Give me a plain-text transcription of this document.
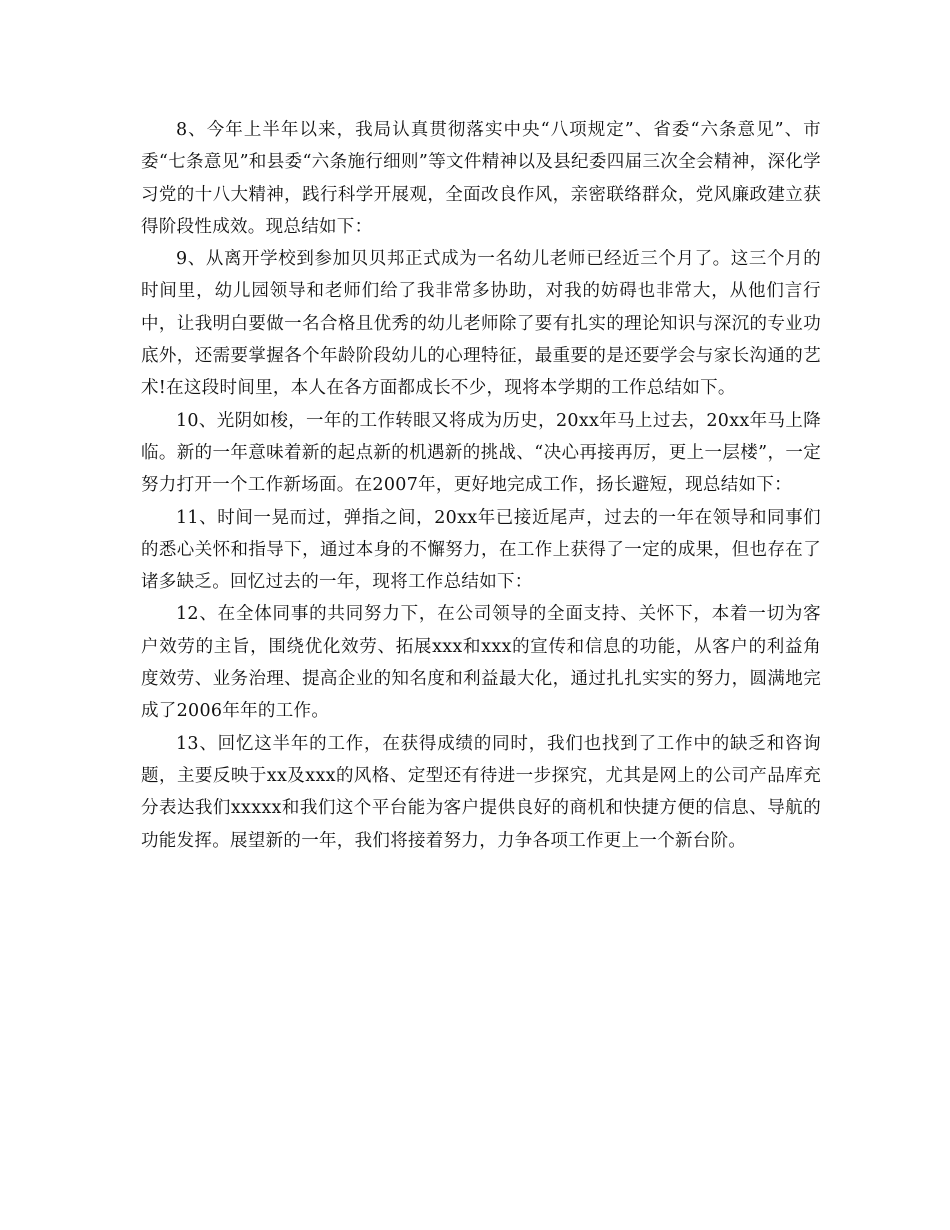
8、今年上半年以来，我局认真贯彻落实中央“八项规定”、省委“六条意见”、市委“七条意见”和县委“六条施行细则”等文件精神以及县纪委四届三次全会精神，深化学习党的十八大精神，践行科学开展观，全面改良作风，亲密联络群众，党风廉政建立获得阶段性成效。现总结如下：

9、从离开学校到参加贝贝邦正式成为一名幼儿老师已经近三个月了。这三个月的时间里，幼儿园领导和老师们给了我非常多协助，对我的妨碍也非常大，从他们言行中，让我明白要做一名合格且优秀的幼儿老师除了要有扎实的理论知识与深沉的专业功底外，还需要掌握各个年龄阶段幼儿的心理特征，最重要的是还要学会与家长沟通的艺术!在这段时间里，本人在各方面都成长不少，现将本学期的工作总结如下。

10、光阴如梭，一年的工作转眼又将成为历史，20xx年马上过去，20xx年马上降临。新的一年意味着新的起点新的机遇新的挑战、“决心再接再厉，更上一层楼”，一定努力打开一个工作新场面。在2007年，更好地完成工作，扬长避短，现总结如下：

11、时间一晃而过，弹指之间，20xx年已接近尾声，过去的一年在领导和同事们的悉心关怀和指导下，通过本身的不懈努力，在工作上获得了一定的成果，但也存在了诸多缺乏。回忆过去的一年，现将工作总结如下：

12、在全体同事的共同努力下，在公司领导的全面支持、关怀下，本着一切为客户效劳的主旨，围绕优化效劳、拓展xxx和xxx的宣传和信息的功能，从客户的利益角度效劳、业务治理、提高企业的知名度和利益最大化，通过扎扎实实的努力，圆满地完成了2006年年的工作。

13、回忆这半年的工作，在获得成绩的同时，我们也找到了工作中的缺乏和咨询题，主要反映于xx及xxx的风格、定型还有待进一步探究，尤其是网上的公司产品库充分表达我们xxxxx和我们这个平台能为客户提供良好的商机和快捷方便的信息、导航的功能发挥。展望新的一年，我们将接着努力，力争各项工作更上一个新台阶。
